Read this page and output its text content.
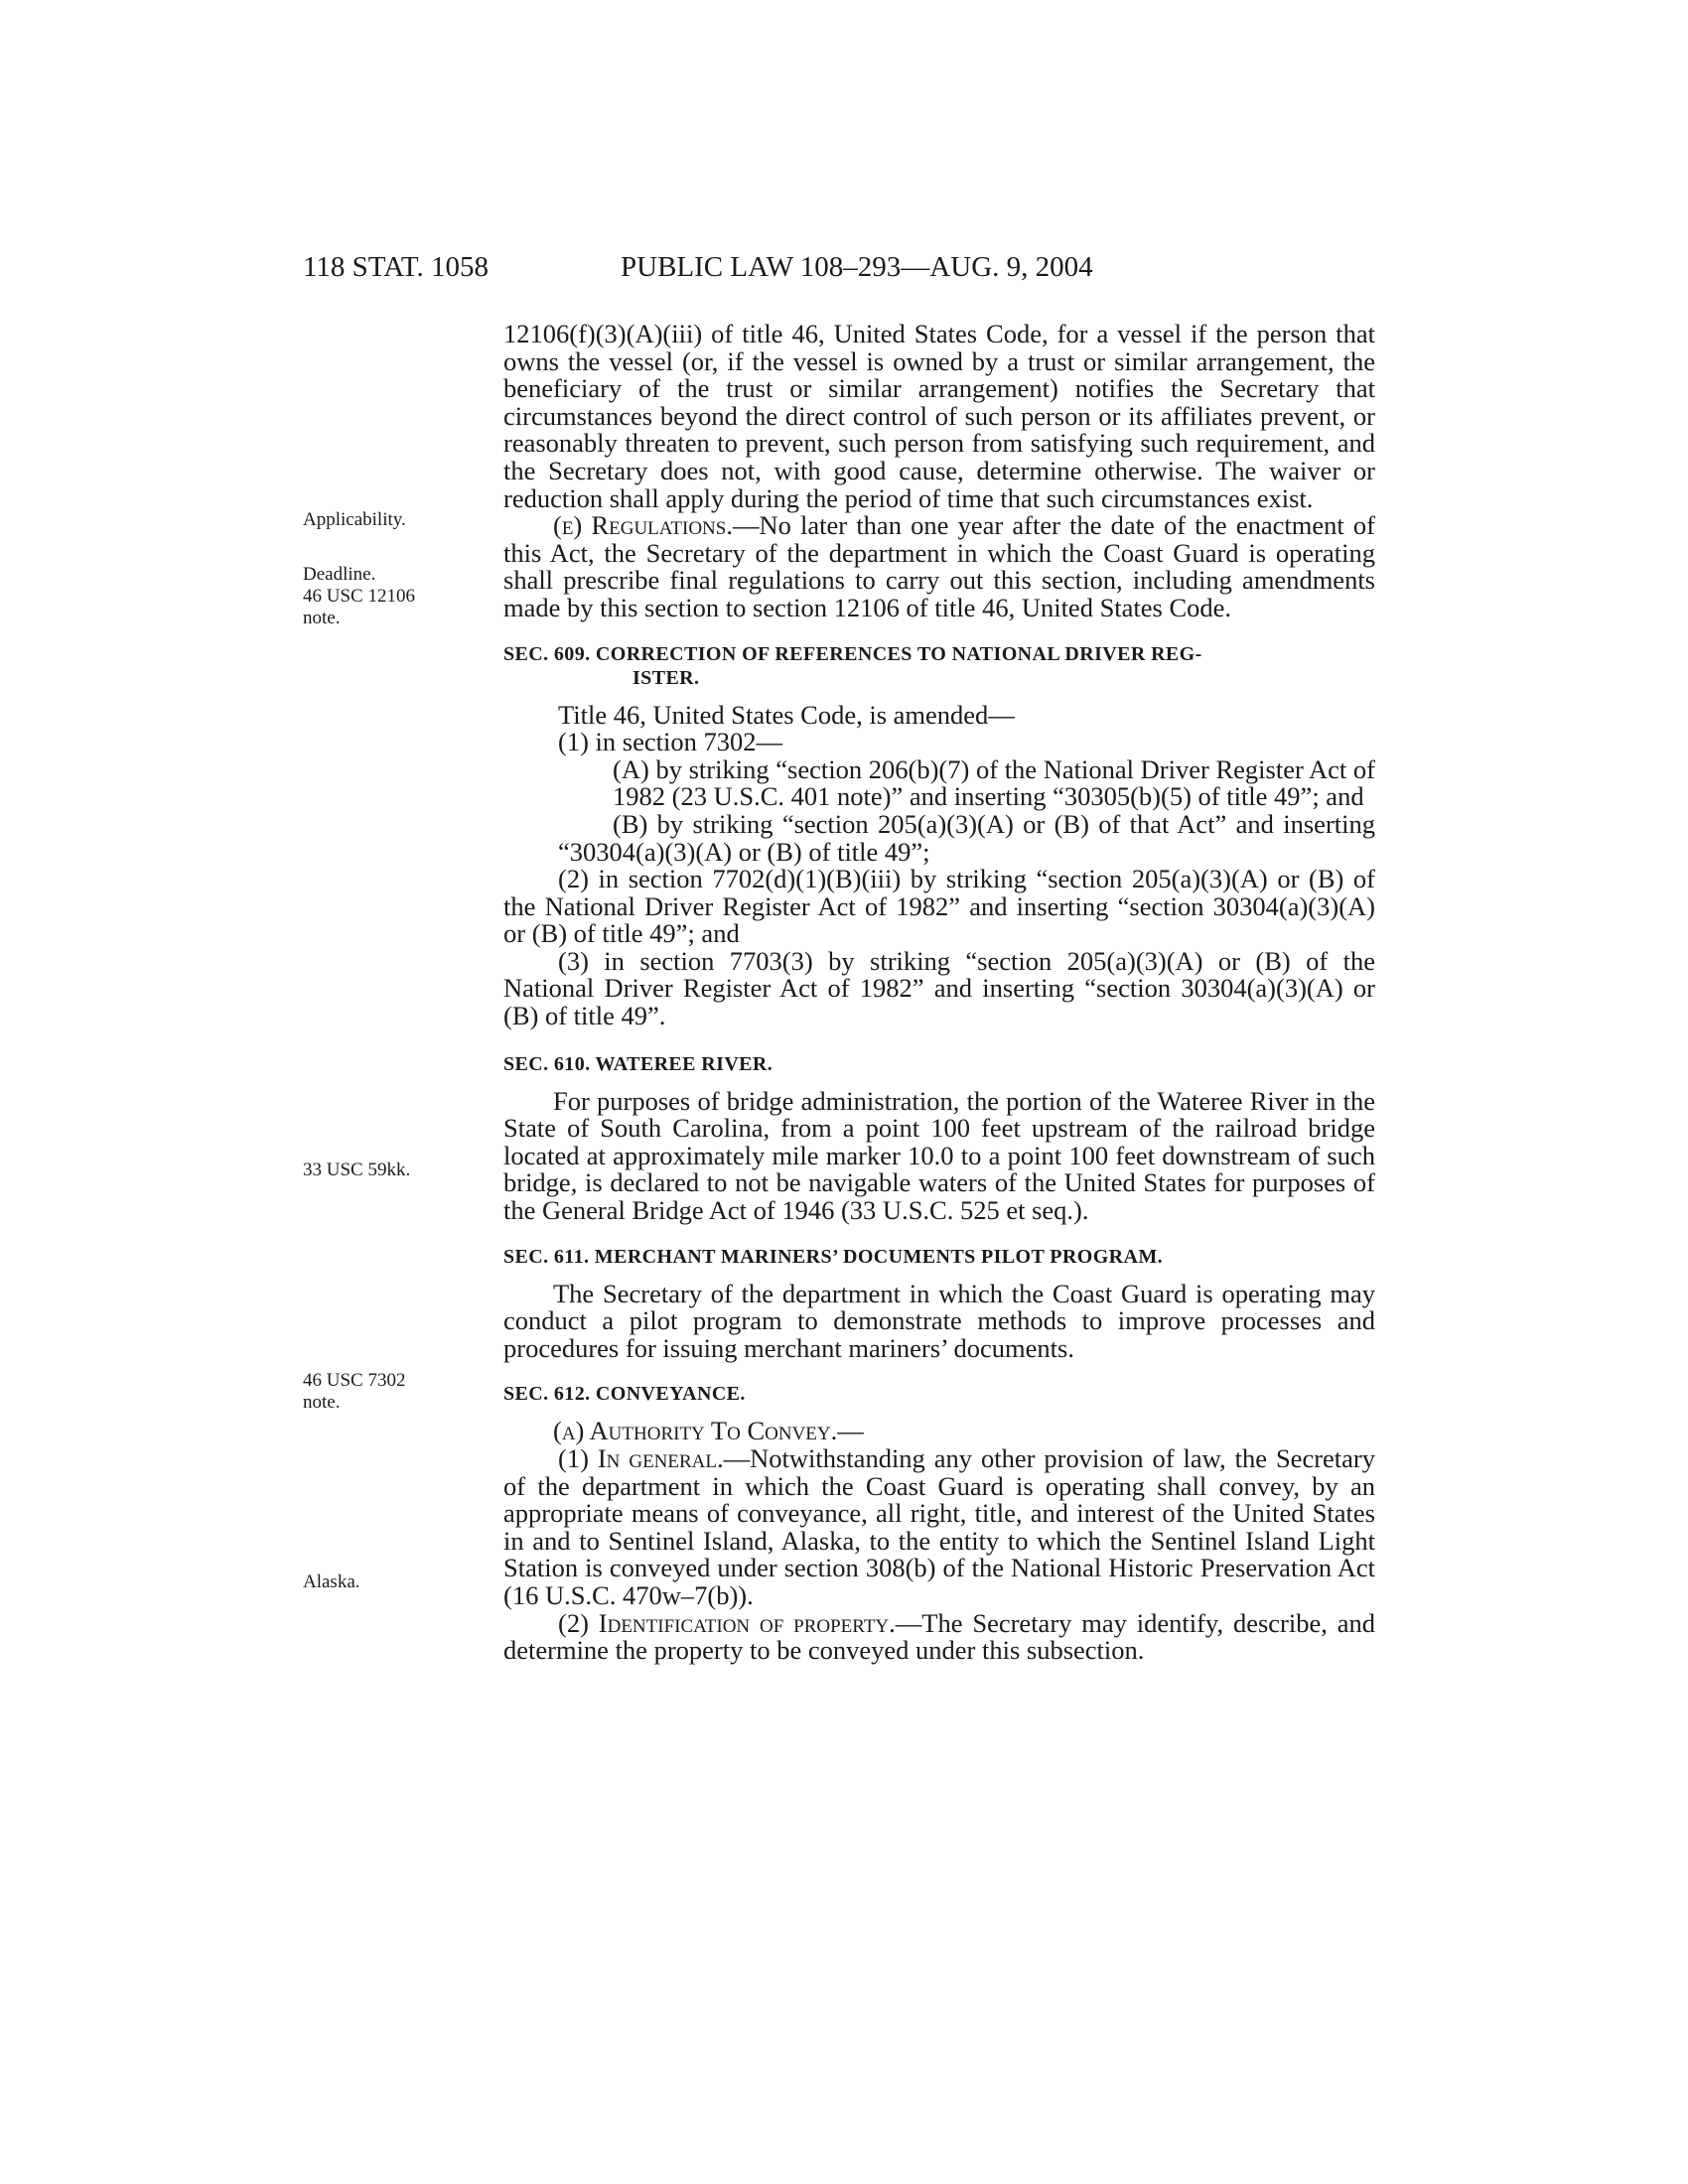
118 STAT. 1058	PUBLIC LAW 108–293—AUG. 9, 2004
Applicability.
Deadline.
46 USC 12106
note.
33 USC 59kk.
46 USC 7302
note.
Alaska.

12106(f)(3)(A)(iii) of title 46, United States Code, for a vessel if the person that owns the vessel (or, if the vessel is owned by a trust or similar arrangement, the beneficiary of the trust or similar arrangement) notifies the Secretary that circumstances beyond the direct control of such person or its affiliates prevent, or reasonably threaten to prevent, such person from satisfying such requirement, and the Secretary does not, with good cause, determine otherwise. The waiver or reduction shall apply during the period of time that such circumstances exist.

(e) Regulations.—No later than one year after the date of the enactment of this Act, the Secretary of the department in which the Coast Guard is operating shall prescribe final regulations to carry out this section, including amendments made by this section to section 12106 of title 46, United States Code.

SEC. 609. CORRECTION OF REFERENCES TO NATIONAL DRIVER REG-
ISTER.

Title 46, United States Code, is amended—

(1) in section 7302—

(A) by striking “section 206(b)(7) of the National Driver Register Act of 1982 (23 U.S.C. 401 note)” and inserting “30305(b)(5) of title 49”; and

(B) by striking “section 205(a)(3)(A) or (B) of that Act” and inserting “30304(a)(3)(A) or (B) of title 49”;

(2) in section 7702(d)(1)(B)(iii) by striking “section 205(a)(3)(A) or (B) of the National Driver Register Act of 1982” and inserting “section 30304(a)(3)(A) or (B) of title 49”; and

(3) in section 7703(3) by striking “section 205(a)(3)(A) or (B) of the National Driver Register Act of 1982” and inserting “section 30304(a)(3)(A) or (B) of title 49”.

SEC. 610. WATEREE RIVER.

For purposes of bridge administration, the portion of the Wateree River in the State of South Carolina, from a point 100 feet upstream of the railroad bridge located at approximately mile marker 10.0 to a point 100 feet downstream of such bridge, is declared to not be navigable waters of the United States for purposes of the General Bridge Act of 1946 (33 U.S.C. 525 et seq.).

SEC. 611. MERCHANT MARINERS’ DOCUMENTS PILOT PROGRAM.

The Secretary of the department in which the Coast Guard is operating may conduct a pilot program to demonstrate methods to improve processes and procedures for issuing merchant mariners’ documents.

SEC. 612. CONVEYANCE.

(a) Authority To Convey.—

(1) In general.—Notwithstanding any other provision of law, the Secretary of the department in which the Coast Guard is operating shall convey, by an appropriate means of conveyance, all right, title, and interest of the United States in and to Sentinel Island, Alaska, to the entity to which the Sentinel Island Light Station is conveyed under section 308(b) of the National Historic Preservation Act (16 U.S.C. 470w–7(b)).

(2) Identification of property.—The Secretary may identify, describe, and determine the property to be conveyed under this subsection.
